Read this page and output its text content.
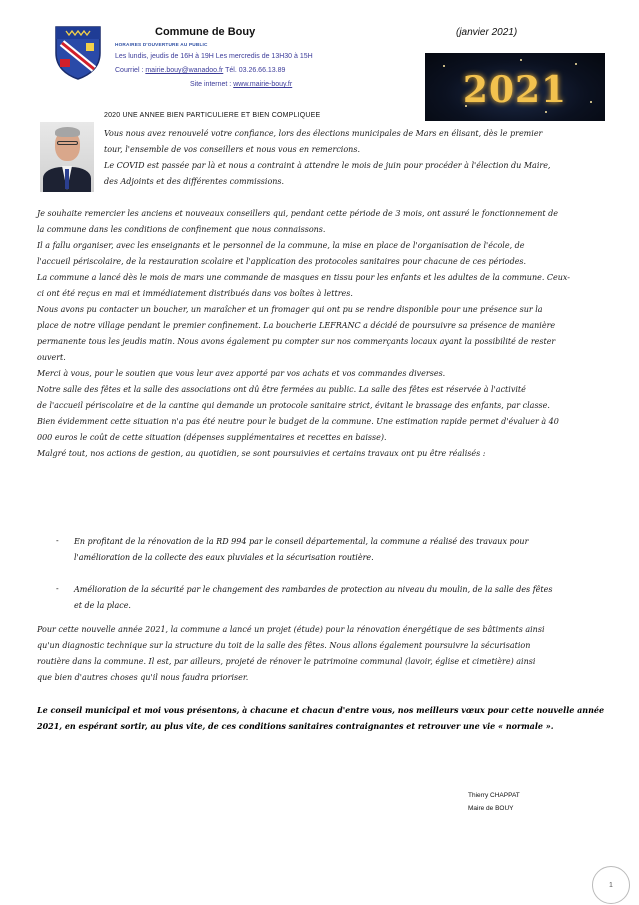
Commune de Bouy	(janvier 2021)
HORAIRES D'OUVERTURE AU PUBLIC
Les lundis, jeudis de 16H à 19H Les mercredis de 13H30 à 15H
Courriel : mairie.bouy@wanadoo.fr Tél. 03.26.66.13.89
Site internet : www.mairie-bouy.fr	2021
2020 UNE ANNEE BIEN PARTICULIERE ET BIEN COMPLIQUEE
Vous nous avez renouvelé votre confiance, lors des élections municipales de Mars en élisant, dès le premier
tour, l'ensemble de vos conseillers et nous vous en remercions.
Le COVID est passée par là et nous a contraint à attendre le mois de juin pour procéder à l'élection du Maire,
des Adjoints et des différentes commissions.
Je souhaite remercier les anciens et nouveaux conseillers qui, pendant cette période de 3 mois, ont assuré le fonctionnement de
la commune dans les conditions de confinement que nous connaissons.
Il a fallu organiser, avec les enseignants et le personnel de la commune, la mise en place de l'organisation de l'école, de
l'accueil périscolaire, de la restauration scolaire et l'application des protocoles sanitaires pour chacune de ces périodes.
La commune a lancé dès le mois de mars une commande de masques en tissu pour les enfants et les adultes de la commune. Ceux-
ci ont été reçus en mai et immédiatement distribués dans vos boîtes à lettres.
Nous avons pu contacter un boucher, un maraîcher et un fromager qui ont pu se rendre disponible pour une présence sur la
place de notre village pendant le premier confinement. La boucherie LEFRANC a décidé de poursuivre sa présence de manière
permanente tous les jeudis matin. Nous avons également pu compter sur nos commerçants locaux ayant la possibilité de rester
ouvert.
Merci à vous, pour le soutien que vous leur avez apporté par vos achats et vos commandes diverses.
Notre salle des fêtes et la salle des associations ont dû être fermées au public. La salle des fêtes est réservée à l'activité
de l'accueil périscolaire et de la cantine qui demande un protocole sanitaire strict, évitant le brassage des enfants, par classe.
Bien évidemment cette situation n'a pas été neutre pour le budget de la commune. Une estimation rapide permet d'évaluer à 40
000 euros le coût de cette situation (dépenses supplémentaires et recettes en baisse).
Malgré tout, nos actions de gestion, au quotidien, se sont poursuivies et certains travaux ont pu être réalisés :
- En profitant de la rénovation de la RD 994 par le conseil départemental, la commune a réalisé des travaux pour
l'amélioration de la collecte des eaux pluviales et la sécurisation routière.
- Amélioration de la sécurité par le changement des rambardes de protection au niveau du moulin, de la salle des fêtes
et de la place.
Pour cette nouvelle année 2021, la commune a lancé un projet (étude) pour la rénovation énergétique de ses bâtiments ainsi
qu'un diagnostic technique sur la structure du toit de la salle des fêtes. Nous allons également poursuivre la sécurisation
routière dans la commune. Il est, par ailleurs, projeté de rénover le patrimoine communal (lavoir, église et cimetière) ainsi
que bien d'autres choses qu'il nous faudra prioriser.
Le conseil municipal et moi vous présentons, à chacune et chacun d'entre vous, nos meilleurs vœux pour cette nouvelle année
2021, en espérant sortir, au plus vite, de ces conditions sanitaires contraignantes et retrouver une vie « normale ».
Thierry CHAPPAT
Maire de BOUY
1
